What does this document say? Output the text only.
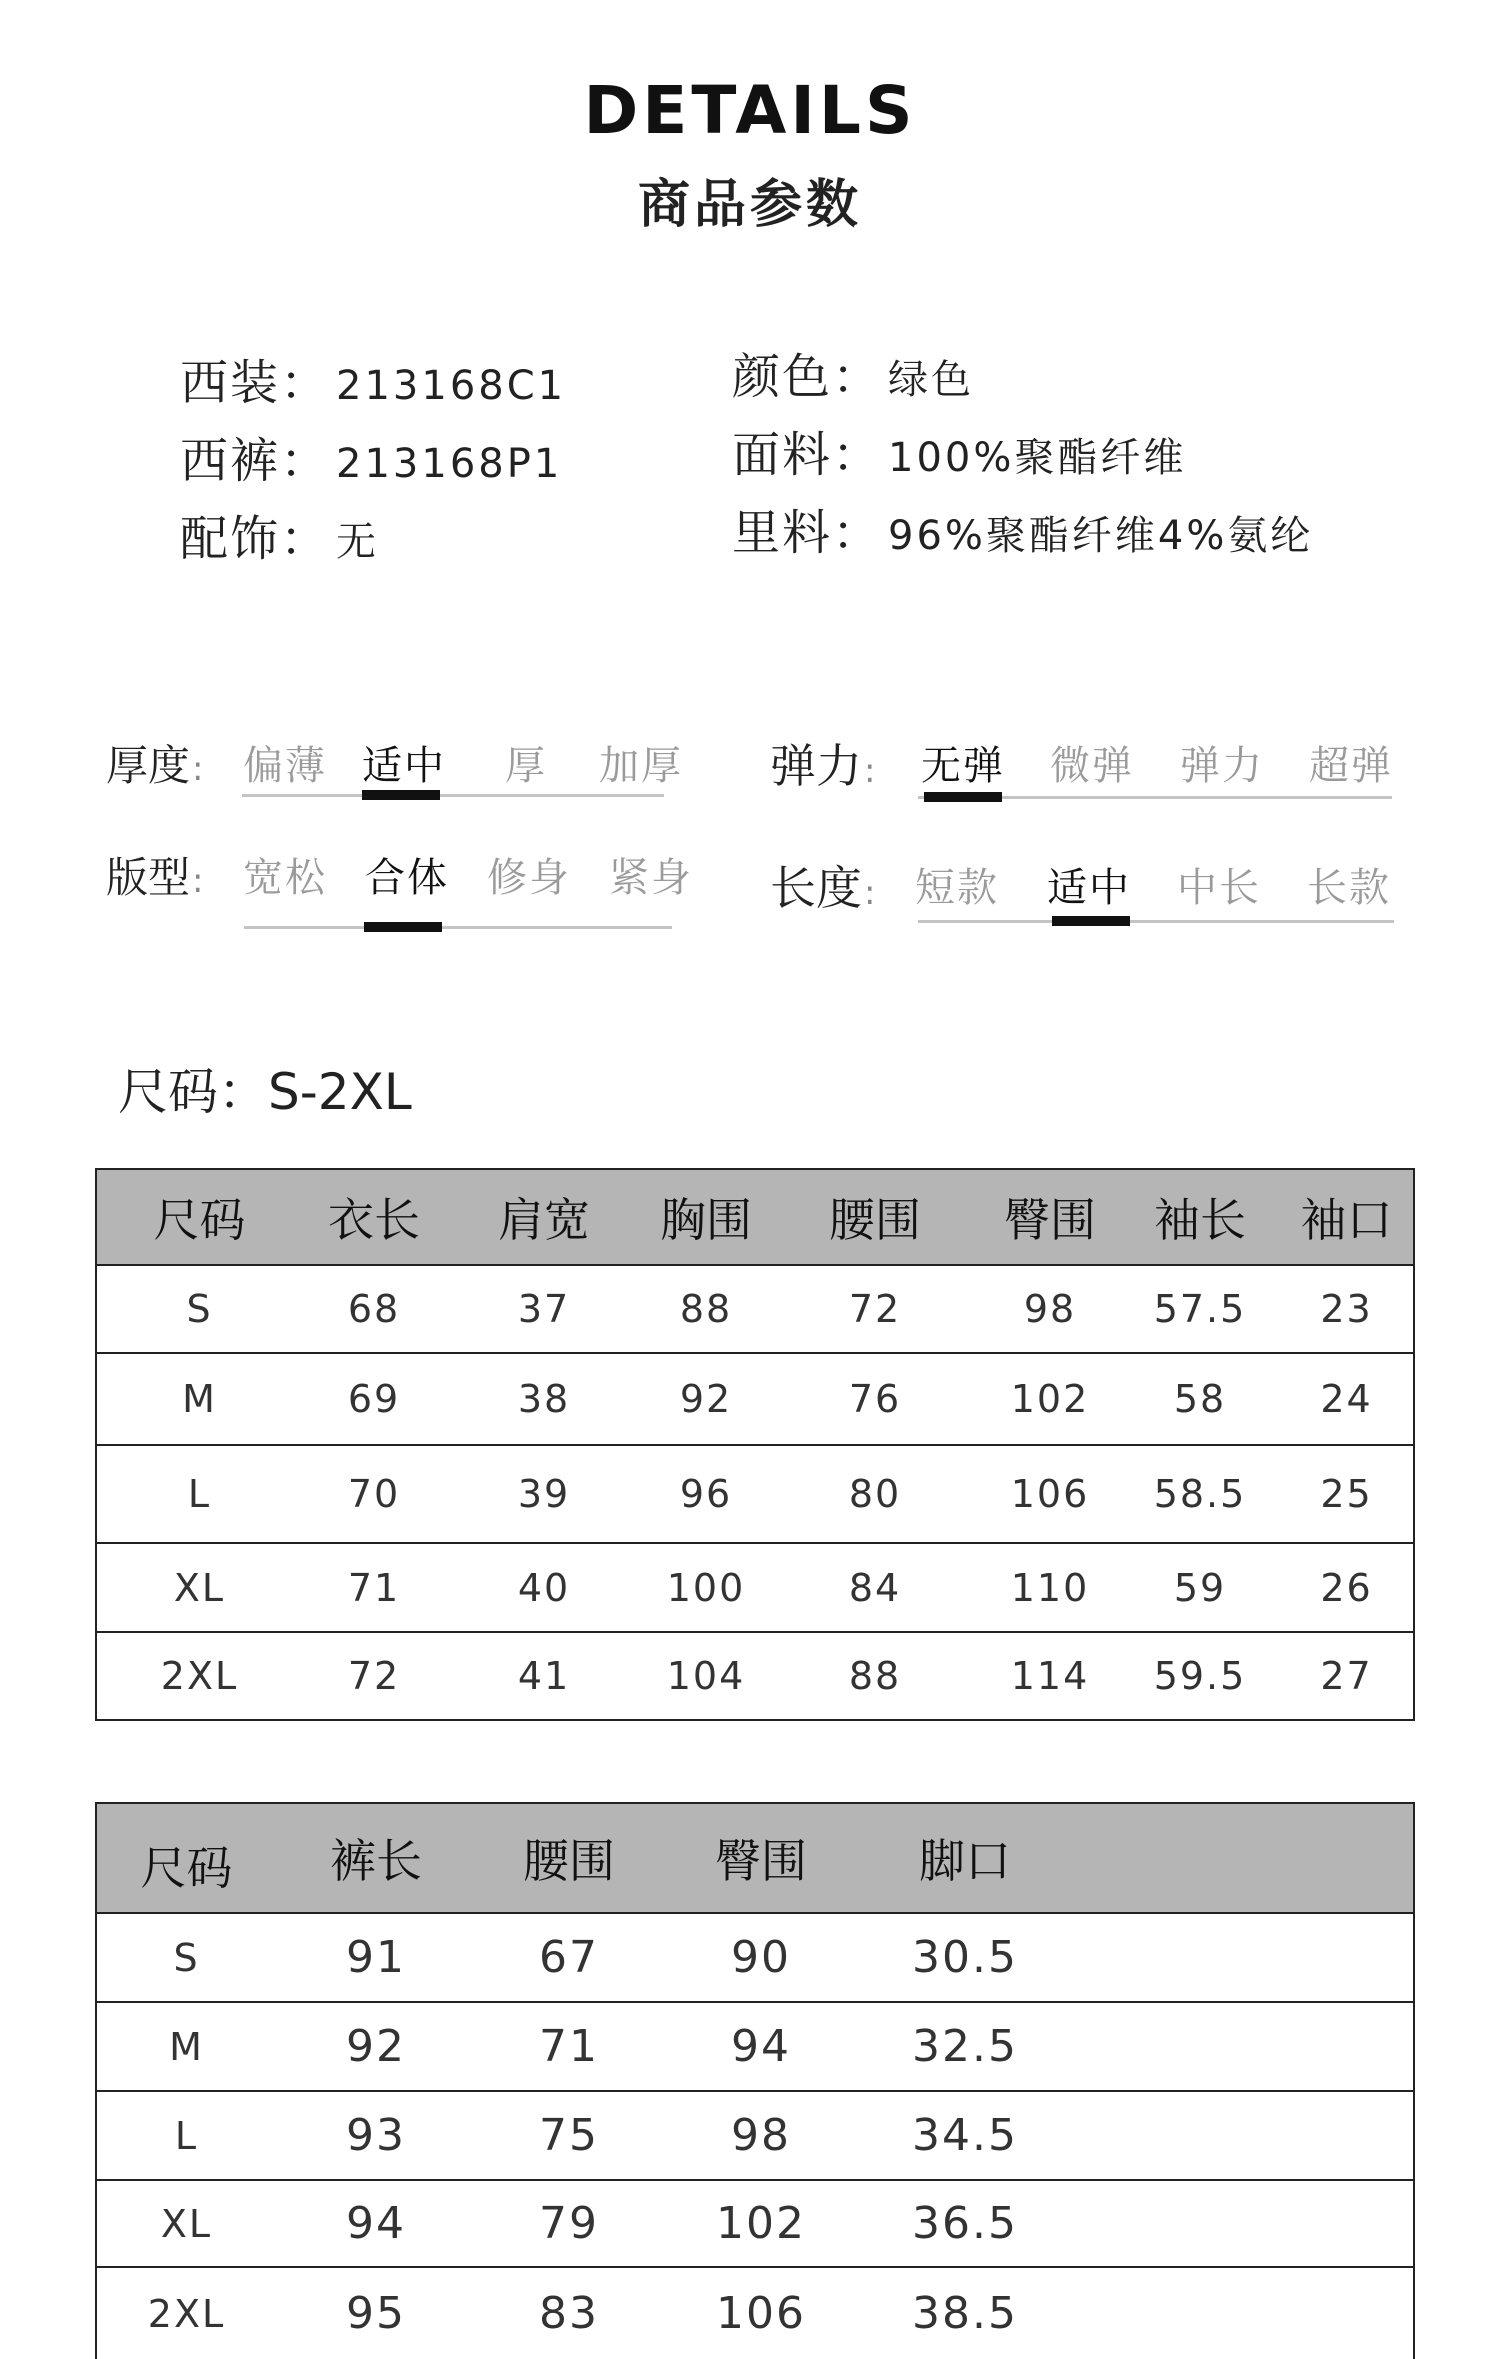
DETAILS
商品参数
西装： 213168C1
西裤： 213168P1
配饰： 无
颜色： 绿色
面料： 100%聚酯纤维
里料： 96%聚酯纤维4%氨纶
厚度: 偏薄 适中	厚	加厚 弹力: 无弹 微弹 弹力 超弹
版型: 宽松 合体 修身 紧身 长度: 短款 适中 中长 长款
尺码：S-2XL
尺码	衣长	肩宽	胸围	腰围	臀围	袖长	袖口
S	68	37	88	72	98	57.5	23
M	69	38	92	76	102	58	24
L	70	39	96	80	106	58.5	25
XL	71	40	100	84	110	59	26
2XL	72	41	104	88	114	59.5	27
尺码	裤长	腰围	臀围	脚口	
S	91	67	90	30.5	
M	92	71	94	32.5	
L	93	75	98	34.5	
XL	94	79	102	36.5	
2XL	95	83	106	38.5	
